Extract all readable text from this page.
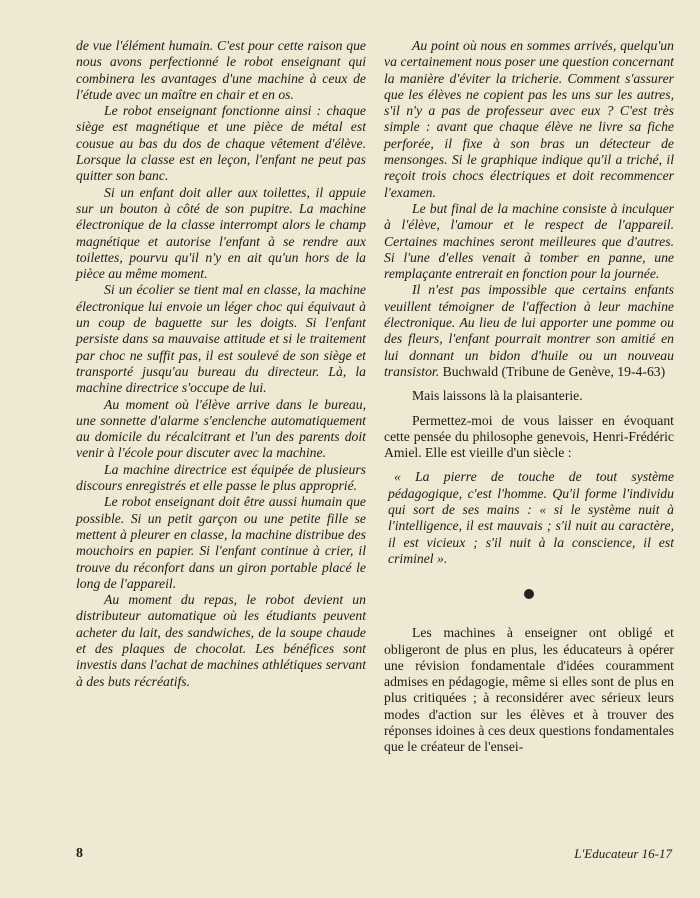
de vue l'élément humain. C'est pour cette raison que nous avons perfectionné le robot enseignant qui combinera les avantages d'une machine à ceux de l'étude avec un maître en chair et en os.

Le robot enseignant fonctionne ainsi : chaque siège est magnétique et une pièce de métal est cousue au bas du dos de chaque vêtement d'élève. Lorsque la classe est en leçon, l'enfant ne peut pas quitter son banc.

Si un enfant doit aller aux toilettes, il appuie sur un bouton à côté de son pupitre. La machine électronique de la classe interrompt alors le champ magnétique et autorise l'enfant à se rendre aux toilettes, pourvu qu'il n'y en ait qu'un hors de la pièce au même moment.

Si un écolier se tient mal en classe, la machine électronique lui envoie un léger choc qui équivaut à un coup de baguette sur les doigts. Si l'enfant persiste dans sa mauvaise attitude et si le traitement par choc ne suffit pas, il est soulevé de son siège et transporté jusqu'au bureau du directeur. Là, la machine directrice s'occupe de lui.

Au moment où l'élève arrive dans le bureau, une sonnette d'alarme s'enclenche automatiquement au domicile du récalcitrant et l'un des parents doit venir à l'école pour discuter avec la machine.

La machine directrice est équipée de plusieurs discours enregistrés et elle passe le plus approprié.

Le robot enseignant doit être aussi humain que possible. Si un petit garçon ou une petite fille se mettent à pleurer en classe, la machine distribue des mouchoirs en papier. Si l'enfant continue à crier, il trouve du réconfort dans un giron portable placé le long de l'appareil.

Au moment du repas, le robot devient un distributeur automatique où les étudiants peuvent acheter du lait, des sandwiches, de la soupe chaude et des plaques de chocolat. Les bénéfices sont investis dans l'achat de machines athlétiques servant à des buts récréatifs.

Au point où nous en sommes arrivés, quelqu'un va certainement nous poser une question concernant la manière d'éviter la tricherie. Comment s'assurer que les élèves ne copient pas les uns sur les autres, s'il n'y a pas de professeur avec eux ? C'est très simple : avant que chaque élève ne livre sa fiche perforée, il fixe à son bras un détecteur de mensonges. Si le graphique indique qu'il a triché, il reçoit trois chocs électriques et doit recommencer l'examen.

Le but final de la machine consiste à inculquer à l'élève, l'amour et le respect de l'appareil. Certaines machines seront meilleures que d'autres. Si l'une d'elles venait à tomber en panne, une remplaçante entrerait en fonction pour la journée.

Il n'est pas impossible que certains enfants veuillent témoigner de l'affection à leur machine électronique. Au lieu de lui apporter une pomme ou des fleurs, l'enfant pourrait montrer son amitié en lui donnant un bidon d'huile ou un nouveau transistor. Buchwald (Tribune de Genève, 19-4-63)

Mais laissons là la plaisanterie.

Permettez-moi de vous laisser en évoquant cette pensée du philosophe genevois, Henri-Frédéric Amiel. Elle est vieille d'un siècle :

« La pierre de touche de tout système pédagogique, c'est l'homme. Qu'il forme l'individu qui sort de ses mains : « si le système nuit à l'intelligence, il est mauvais ; s'il nuit au caractère, il est vicieux ; s'il nuit à la conscience, il est criminel ».

Les machines à enseigner ont obligé et obligeront de plus en plus, les éducateurs à opérer une révision fondamentale d'idées couramment admises en pédagogie, même si elles sont de plus en plus critiquées ; à reconsidérer avec sérieux leurs modes d'action sur les élèves et à trouver des réponses idoines à ces deux questions fondamentales que le créateur de l'ensei-

8	L'Educateur 16-17
